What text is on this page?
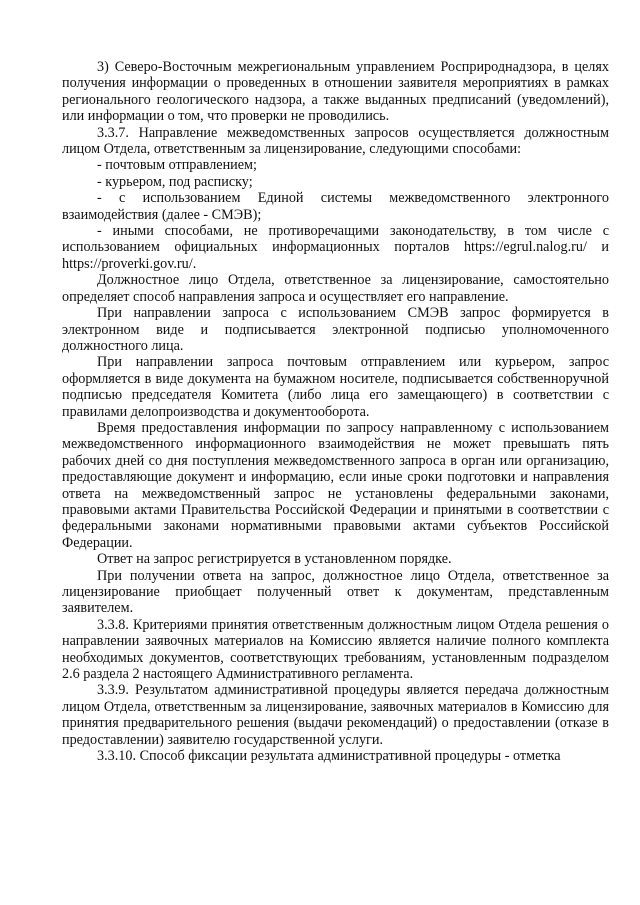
3) Северо-Восточным межрегиональным управлением Росприроднадзора, в целях получения информации о проведенных в отношении заявителя мероприятиях в рамках регионального геологического надзора, а также выданных предписаний (уведомлений), или информации о том, что проверки не проводились.

3.3.7. Направление межведомственных запросов осуществляется должностным лицом Отдела, ответственным за лицензирование, следующими способами:

- почтовым отправлением;

- курьером, под расписку;

- с использованием Единой системы межведомственного электронного взаимодействия (далее - СМЭВ);

- иными способами, не противоречащими законодательству, в том числе с использованием официальных информационных порталов https://egrul.nalog.ru/ и https://proverki.gov.ru/.

Должностное лицо Отдела, ответственное за лицензирование, самостоятельно определяет способ направления запроса и осуществляет его направление.

При направлении запроса с использованием СМЭВ запрос формируется в электронном виде и подписывается электронной подписью уполномоченного должностного лица.

При направлении запроса почтовым отправлением или курьером, запрос оформляется в виде документа на бумажном носителе, подписывается собственноручной подписью председателя Комитета (либо лица его замещающего) в соответствии с правилами делопроизводства и документооборота.

Время предоставления информации по запросу направленному с использованием межведомственного информационного взаимодействия не может превышать пять рабочих дней со дня поступления межведомственного запроса в орган или организацию, предоставляющие документ и информацию, если иные сроки подготовки и направления ответа на межведомственный запрос не установлены федеральными законами, правовыми актами Правительства Российской Федерации и принятыми в соответствии с федеральными законами нормативными правовыми актами субъектов Российской Федерации.

Ответ на запрос регистрируется в установленном порядке.

При получении ответа на запрос, должностное лицо Отдела, ответственное за лицензирование приобщает полученный ответ к документам, представленным заявителем.

3.3.8. Критериями принятия ответственным должностным лицом Отдела решения о направлении заявочных материалов на Комиссию является наличие полного комплекта необходимых документов, соответствующих требованиям, установленным подразделом 2.6 раздела 2 настоящего Административного регламента.

3.3.9. Результатом административной процедуры является передача должностным лицом Отдела, ответственным за лицензирование, заявочных материалов в Комиссию для принятия предварительного решения (выдачи рекомендаций) о предоставлении (отказе в предоставлении) заявителю государственной услуги.

3.3.10. Способ фиксации результата административной процедуры - отметка
